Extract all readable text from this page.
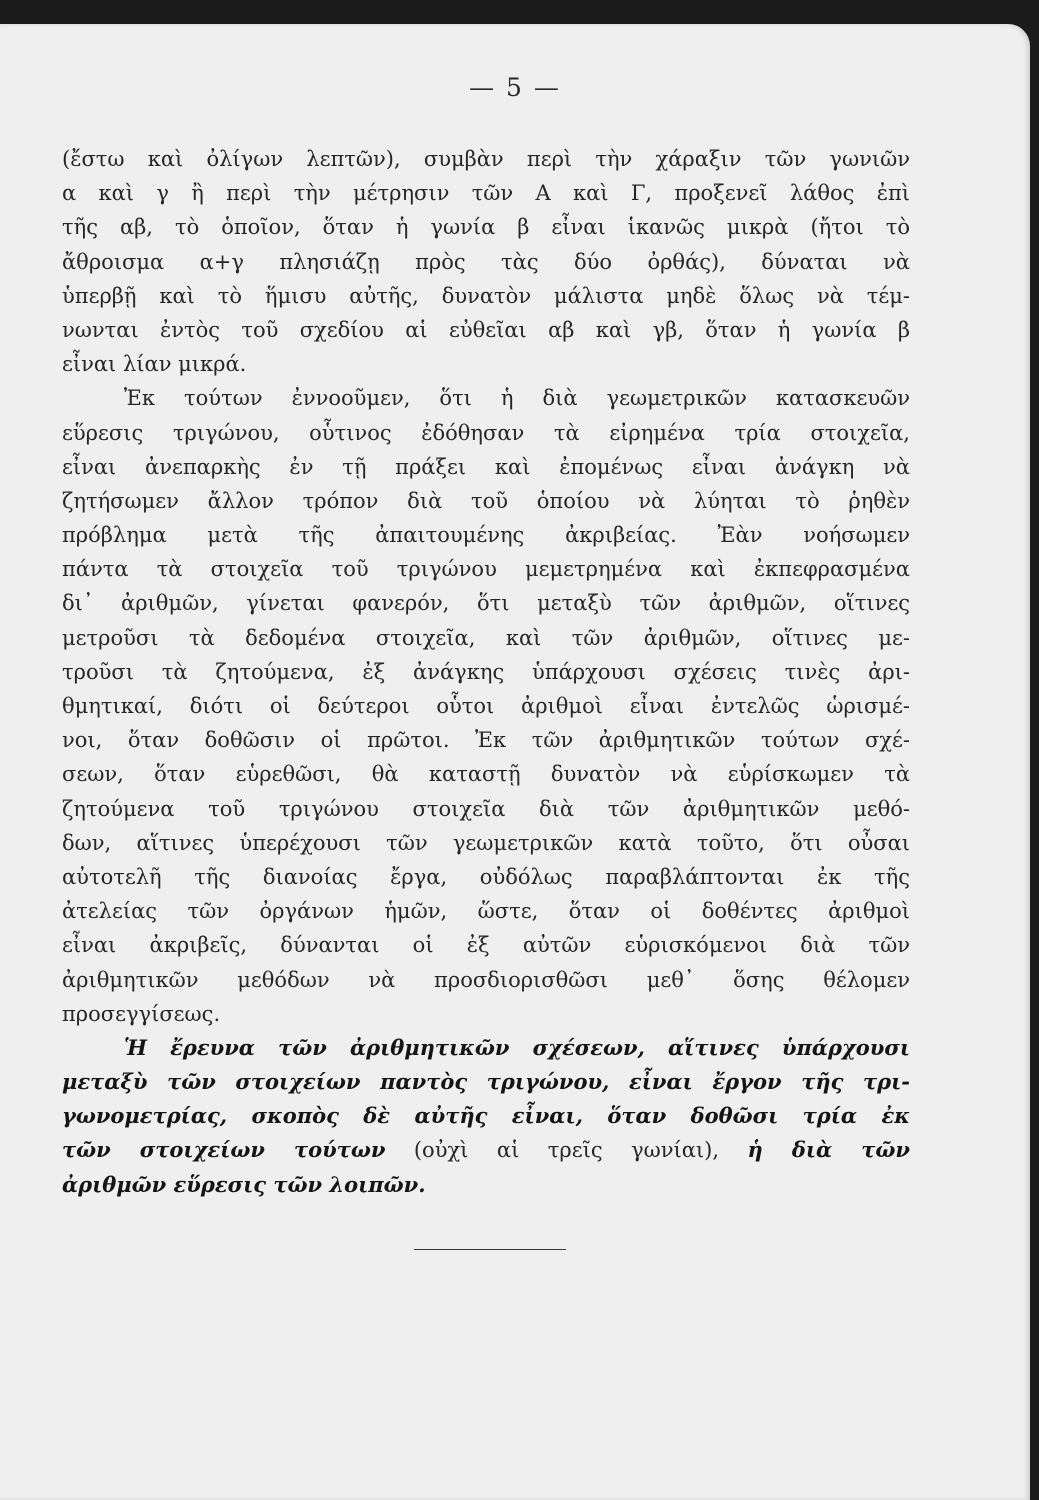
— 5 —
(ἔστω καὶ ὀλίγων λεπτῶν), συμβὰν περὶ τὴν χάραξιν τῶν γωνιῶν
α καὶ γ ἢ περὶ τὴν μέτρησιν τῶν Α καὶ Γ, προξενεῖ λάθος ἐπὶ
τῆς αβ, τὸ ὁποῖον, ὅταν ἡ γωνία β εἶναι ἱκανῶς μικρὰ (ἤτοι τὸ
ἄθροισμα α+γ πλησιάζῃ πρὸς τὰς δύο ὀρθάς), δύναται νὰ
ὑπερβῇ καὶ τὸ ἥμισυ αὐτῆς, δυνατὸν μάλιστα μηδὲ ὅλως νὰ τέμ-
νωνται ἐντὸς τοῦ σχεδίου αἱ εὐθεῖαι αβ καὶ γβ, ὅταν ἡ γωνία β
εἶναι λίαν μικρά.
Ἐκ τούτων ἐννοοῦμεν, ὅτι ἡ διὰ γεωμετρικῶν κατασκευῶν
εὕρεσις τριγώνου, οὗτινος ἐδόθησαν τὰ εἰρημένα τρία στοιχεῖα,
εἶναι ἀνεπαρκὴς ἐν τῇ πράξει καὶ ἐπομένως εἶναι ἀνάγκη νὰ
ζητήσωμεν ἄλλον τρόπον διὰ τοῦ ὁποίου νὰ λύηται τὸ ῥηθὲν
πρόβλημα μετὰ τῆς ἀπαιτουμένης ἀκριβείας. Ἐὰν νοήσωμεν
πάντα τὰ στοιχεῖα τοῦ τριγώνου μεμετρημένα καὶ ἐκπεφρασμένα
δι᾽ ἀριθμῶν, γίνεται φανερόν, ὅτι μεταξὺ τῶν ἀριθμῶν, οἵτινες
μετροῦσι τὰ δεδομένα στοιχεῖα, καὶ τῶν ἀριθμῶν, οἵτινες με-
τροῦσι τὰ ζητούμενα, ἐξ ἀνάγκης ὑπάρχουσι σχέσεις τινὲς ἀρι-
θμητικαί, διότι οἱ δεύτεροι οὗτοι ἀριθμοὶ εἶναι ἐντελῶς ὡρισμέ-
νοι, ὅταν δοθῶσιν οἱ πρῶτοι. Ἐκ τῶν ἀριθμητικῶν τούτων σχέ-
σεων, ὅταν εὑρεθῶσι, θὰ καταστῇ δυνατὸν νὰ εὑρίσκωμεν τὰ
ζητούμενα τοῦ τριγώνου στοιχεῖα διὰ τῶν ἀριθμητικῶν μεθό-
δων, αἵτινες ὑπερέχουσι τῶν γεωμετρικῶν κατὰ τοῦτο, ὅτι οὖσαι
αὐτοτελῆ τῆς διανοίας ἔργα, οὐδόλως παραβλάπτονται ἐκ τῆς
ἀτελείας τῶν ὀργάνων ἡμῶν, ὥστε, ὅταν οἱ δοθέντες ἀριθμοὶ
εἶναι ἀκριβεῖς, δύνανται οἱ ἐξ αὐτῶν εὑρισκόμενοι διὰ τῶν
ἀριθμητικῶν μεθόδων νὰ προσδιορισθῶσι μεθ᾽ ὅσης θέλομεν
προσεγγίσεως.
Ἡ ἔρευνα τῶν ἀριθμητικῶν σχέσεων, αἵτινες ὑπάρχουσι
μεταξὺ τῶν στοιχείων παντὸς τριγώνου, εἶναι ἔργον τῆς τρι-
γωνομετρίας, σκοπὸς δὲ αὐτῆς εἶναι, ὅταν δοθῶσι τρία ἐκ
τῶν στοιχείων τούτων (οὐχὶ αἱ τρεῖς γωνίαι), ἡ διὰ τῶν
ἀριθμῶν εὕρεσις τῶν λοιπῶν.
